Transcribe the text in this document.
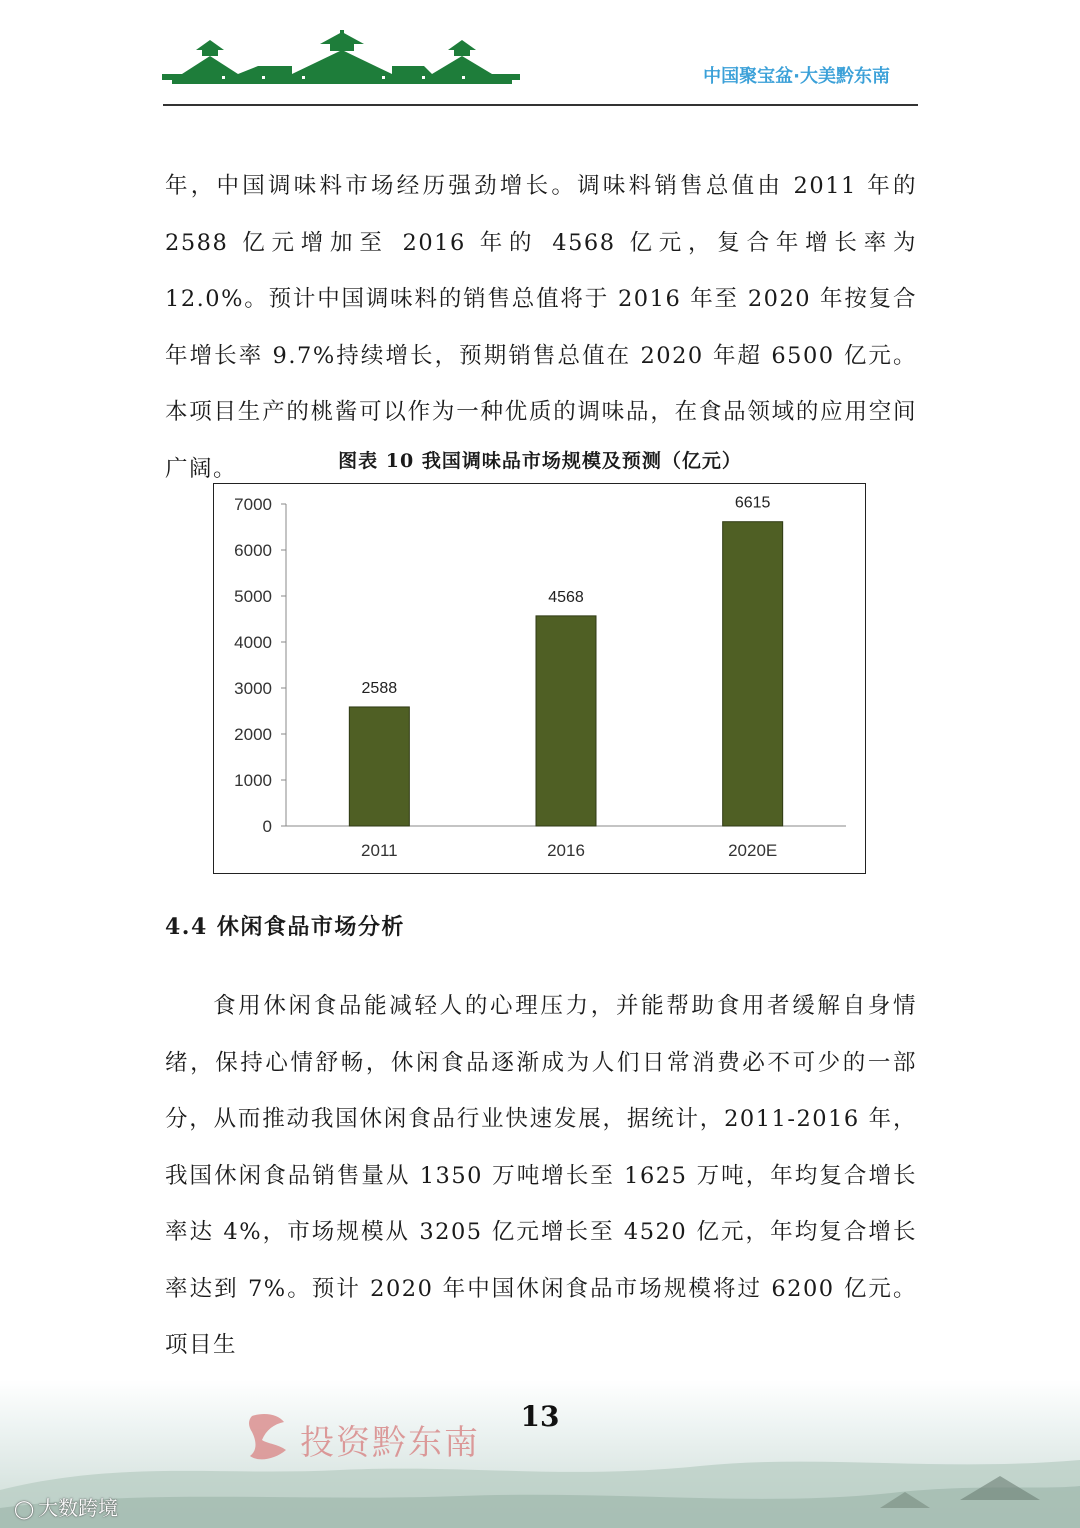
中国聚宝盆·大美黔东南
年，中国调味料市场经历强劲增长。调味料销售总值由 2011 年的 2588 亿元增加至 2016 年的 4568 亿元，复合年增长率为 12.0%。预计中国调味料的销售总值将于 2016 年至 2020 年按复合年增长率 9.7%持续增长，预期销售总值在 2020 年超 6500 亿元。本项目生产的桃酱可以作为一种优质的调味品，在食品领域的应用空间广阔。	图表 10 我国调味品市场规模及预测（亿元）
0
1000
2000
3000
4000
5000
6000
7000
2588
2011
4568
2016
6615
2020E
4.4 休闲食品市场分析
食用休闲食品能减轻人的心理压力，并能帮助食用者缓解自身情绪，保持心情舒畅，休闲食品逐渐成为人们日常消费必不可少的一部分，从而推动我国休闲食品行业快速发展，据统计，2011-2016 年，我国休闲食品销售量从 1350 万吨增长至 1625 万吨，年均复合增长率达 4%，市场规模从 3205 亿元增长至 4520 亿元，年均复合增长率达到 7%。预计 2020 年中国休闲食品市场规模将过 6200 亿元。项目生
13
投资黔东南
◯ 大数跨境
